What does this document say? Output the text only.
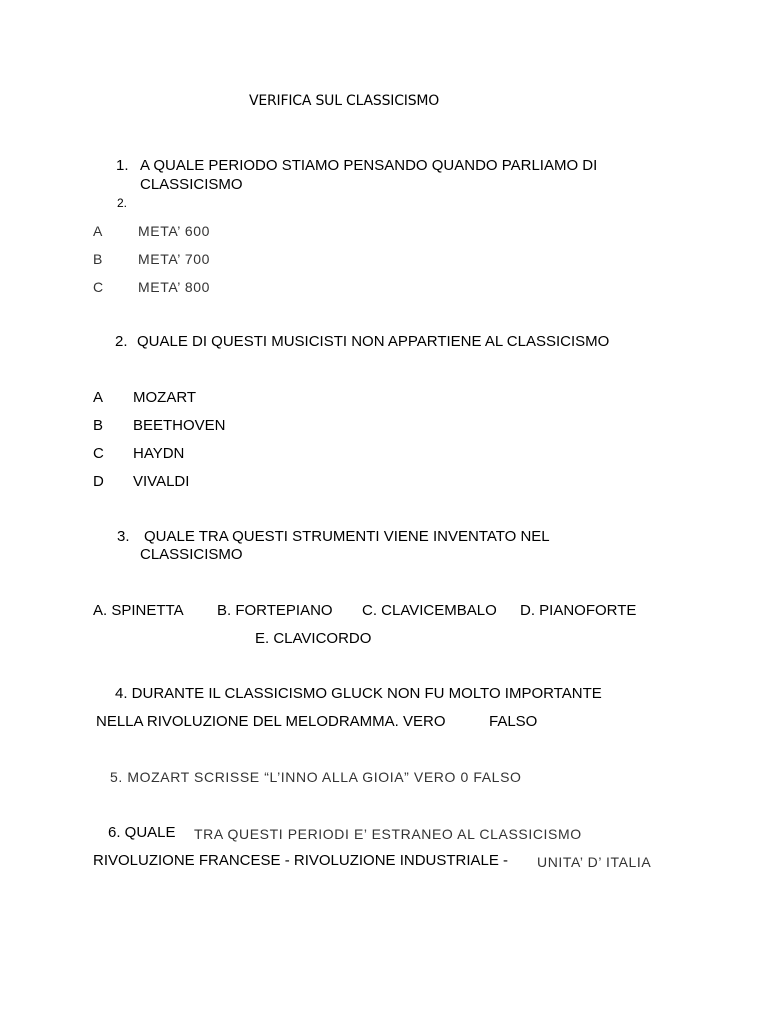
VERIFICA SUL CLASSICISMO
1. A QUALE PERIODO STIAMO PENSANDO QUANDO PARLIAMO DI
CLASSICISMO
2.
A	META’ 600
B	META’ 700
C META’ 800
2. QUALE DI QUESTI MUSICISTI NON APPARTIENE AL CLASSICISMO
A MOZART
B BEETHOVEN
C HAYDN
D VIVALDI
3. QUALE TRA QUESTI STRUMENTI VIENE INVENTATO NEL
CLASSICISMO
A. SPINETTA B. FORTEPIANO C. CLAVICEMBALO D. PIANOFORTE
E. CLAVICORDO
4. DURANTE IL CLASSICISMO GLUCK NON FU MOLTO IMPORTANTE
NELLA RIVOLUZIONE DEL MELODRAMMA. VERO	FALSO
5. MOZART SCRISSE “L’INNO ALLA GIOIA” VERO 0 FALSO
6. QUALE TRA QUESTI PERIODI E’ ESTRANEO AL CLASSICISMO
RIVOLUZIONE FRANCESE - RIVOLUZIONE INDUSTRIALE - UNITA’ D’ ITALIA
